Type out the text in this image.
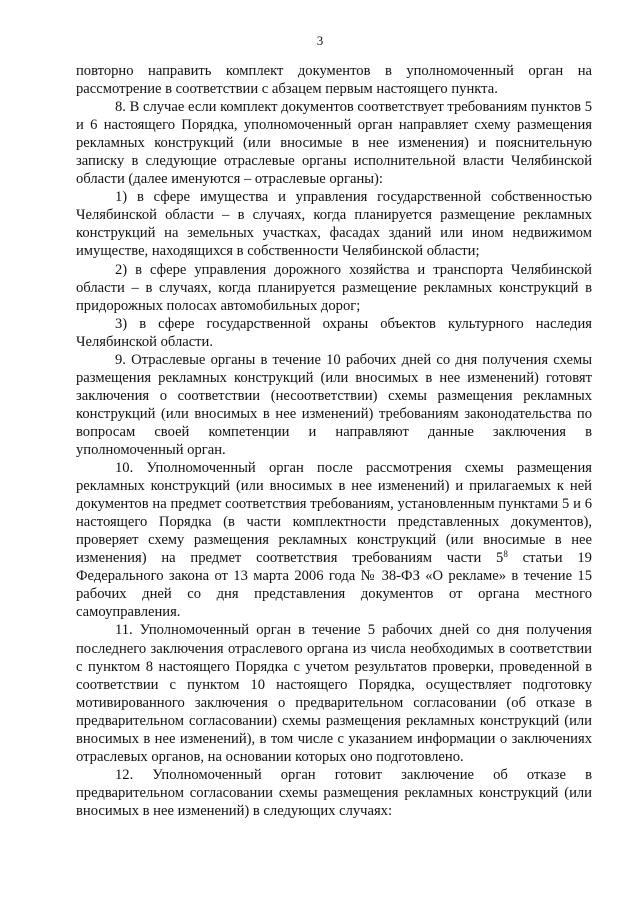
3

повторно направить комплект документов в уполномоченный орган на рассмотрение в соответствии с абзацем первым настоящего пункта.

8. В случае если комплект документов соответствует требованиям пунктов 5 и 6 настоящего Порядка, уполномоченный орган направляет схему размещения рекламных конструкций (или вносимые в нее изменения) и пояснительную записку в следующие отраслевые органы исполнительной власти Челябинской области (далее именуются – отраслевые органы):

1) в сфере имущества и управления государственной собственностью Челябинской области – в случаях, когда планируется размещение рекламных конструкций на земельных участках, фасадах зданий или ином недвижимом имуществе, находящихся в собственности Челябинской области;

2) в сфере управления дорожного хозяйства и транспорта Челябинской области – в случаях, когда планируется размещение рекламных конструкций в придорожных полосах автомобильных дорог;

3) в сфере государственной охраны объектов культурного наследия Челябинской области.

9. Отраслевые органы в течение 10 рабочих дней со дня получения схемы размещения рекламных конструкций (или вносимых в нее изменений) готовят заключения о соответствии (несоответствии) схемы размещения рекламных конструкций (или вносимых в нее изменений) требованиям законодательства по вопросам своей компетенции и направляют данные заключения в уполномоченный орган.

10. Уполномоченный орган после рассмотрения схемы размещения рекламных конструкций (или вносимых в нее изменений) и прилагаемых к ней документов на предмет соответствия требованиям, установленным пунктами 5 и 6 настоящего Порядка (в части комплектности представленных документов), проверяет схему размещения рекламных конструкций (или вносимые в нее изменения) на предмет соответствия требованиям части $5^8$ статьи 19 Федерального закона от 13 марта 2006 года № 38-ФЗ «О рекламе» в течение 15 рабочих дней со дня представления документов от органа местного самоуправления.

11. Уполномоченный орган в течение 5 рабочих дней со дня получения последнего заключения отраслевого органа из числа необходимых в соответствии с пунктом 8 настоящего Порядка с учетом результатов проверки, проведенной в соответствии с пунктом 10 настоящего Порядка, осуществляет подготовку мотивированного заключения о предварительном согласовании (об отказе в предварительном согласовании) схемы размещения рекламных конструкций (или вносимых в нее изменений), в том числе с указанием информации о заключениях отраслевых органов, на основании которых оно подготовлено.

12. Уполномоченный орган готовит заключение об отказе в предварительном согласовании схемы размещения рекламных конструкций (или вносимых в нее изменений) в следующих случаях:
